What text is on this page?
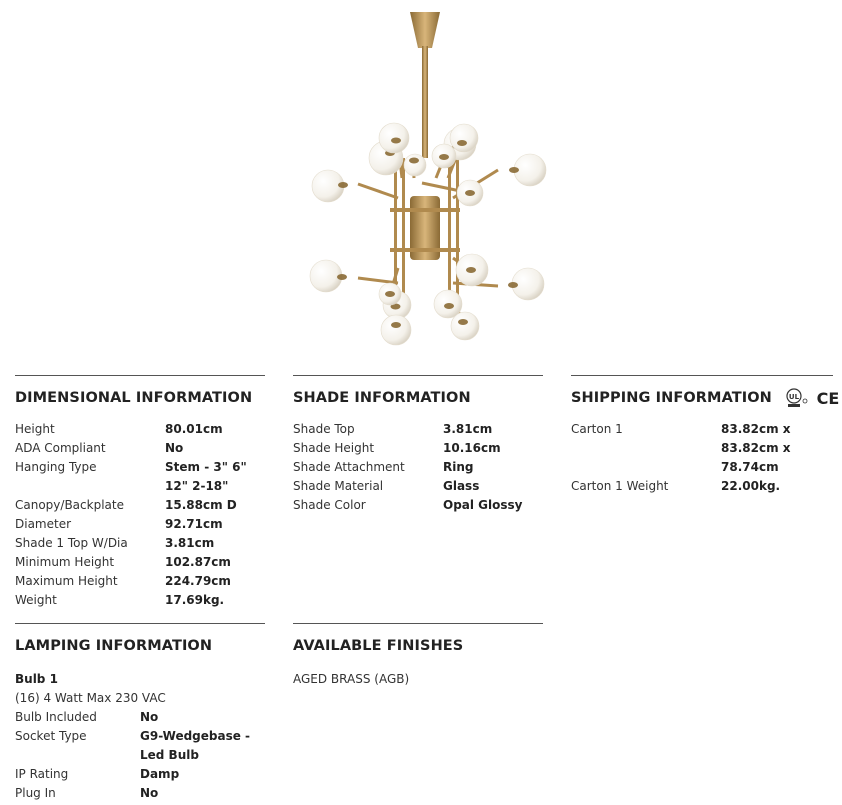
DIMENSIONAL INFORMATION
Height	80.01cm
ADA Compliant	No
Hanging Type	Stem - 3" 6" 12" 2-18"
Canopy/Backplate	15.88cm D
Diameter	92.71cm
Shade 1 Top W/Dia	3.81cm
Minimum Height	102.87cm
Maximum Height	224.79cm
Weight	17.69kg.
SHADE INFORMATION
Shade Top	3.81cm
Shade Height	10.16cm
Shade Attachment	Ring
Shade Material	Glass
Shade Color	Opal Glossy
SHIPPING INFORMATION UL
CE
Carton 1	83.82cm x 83.82cm x 78.74cm
Carton 1 Weight	22.00kg.
LAMPING INFORMATION
Bulb 1
(16) 4 Watt Max 230 VAC
Bulb Included	No
Socket Type	G9-Wedgebase - Led Bulb
IP Rating	Damp
Plug In	No
AVAILABLE FINISHES
AGED BRASS (AGB)
